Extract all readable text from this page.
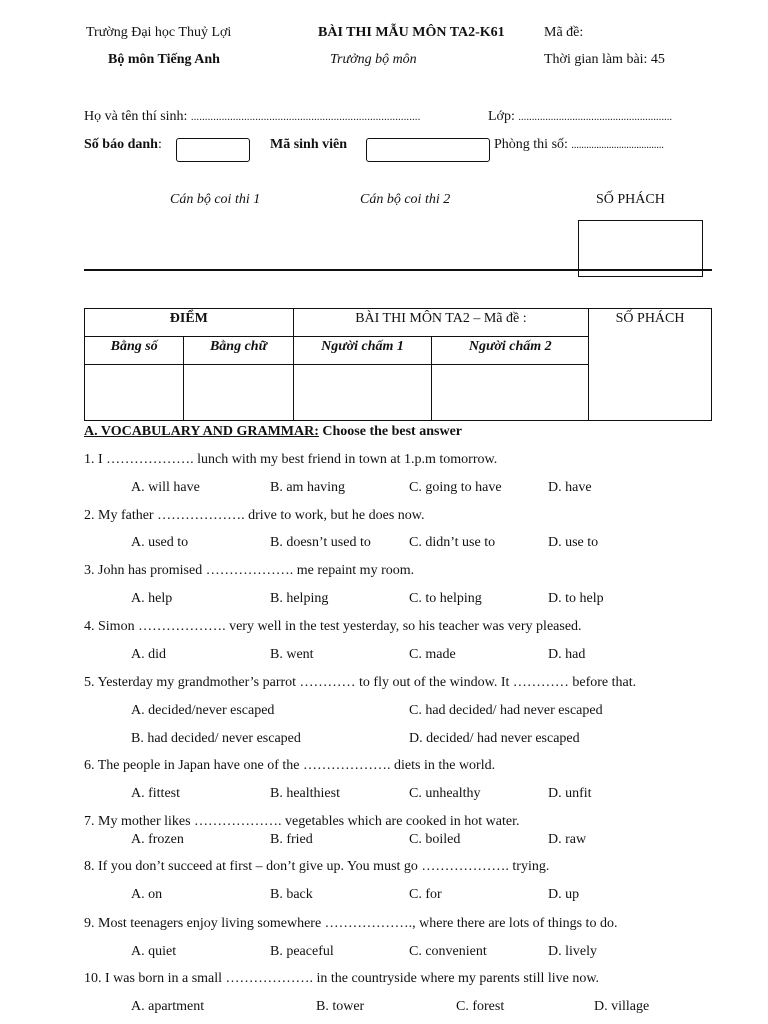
Trường Đại học Thuỷ Lợi	BÀI THI MẪU MÔN TA2-K61	Mã đề:
Bộ môn Tiếng Anh	Trưởng bộ môn	Thời gian làm bài: 45
Họ và tên thí sinh: ..................................................................................	Lớp: .........................................................
Số báo danh:	Mã sinh viên	Phòng thi số: .....................................
Cán bộ coi thi 1	Cán bộ coi thi 2	SỐ PHÁCH
ĐIỂM		BÀI THI MÔN TA2 – Mã đề :		SỐ PHÁCH
Bằng số	Bằng chữ	Người chấm 1	Người chấm 2	

A. VOCABULARY AND GRAMMAR: Choose the best answer
1. I ………………. lunch with my best friend in town at 1.p.m tomorrow.
A. will have	B. am having	C. going to have	D. have
2. My father ………………. drive to work, but he does now.
A. used to	B. doesn’t used to	C. didn’t use to	D. use to
3. John has promised ………………. me repaint my room.
A. help	B. helping	C. to helping	D. to help
4. Simon ………………. very well in the test yesterday, so his teacher was very pleased.
A. did	B. went	C. made	D. had
5. Yesterday my grandmother’s parrot ………… to fly out of the window. It ………… before that.
A. decided/never escaped	C. had decided/ had never escaped
B. had decided/ never escaped	D. decided/ had never escaped
6. The people in Japan have one of the ………………. diets in the world.
A. fittest	B. healthiest	C. unhealthy	D. unfit
7. My mother likes ………………. vegetables which are cooked in hot water.
A. frozen	B. fried	C. boiled	D. raw
8. If you don’t succeed at first – don’t give up. You must go ………………. trying.
A. on	B. back	C. for	D. up
9. Most teenagers enjoy living somewhere ………………., where there are lots of things to do.
A. quiet	B. peaceful	C. convenient	D. lively
10. I was born in a small ………………. in the countryside where my parents still live now.
A. apartment	B. tower	C. forest	D. village
